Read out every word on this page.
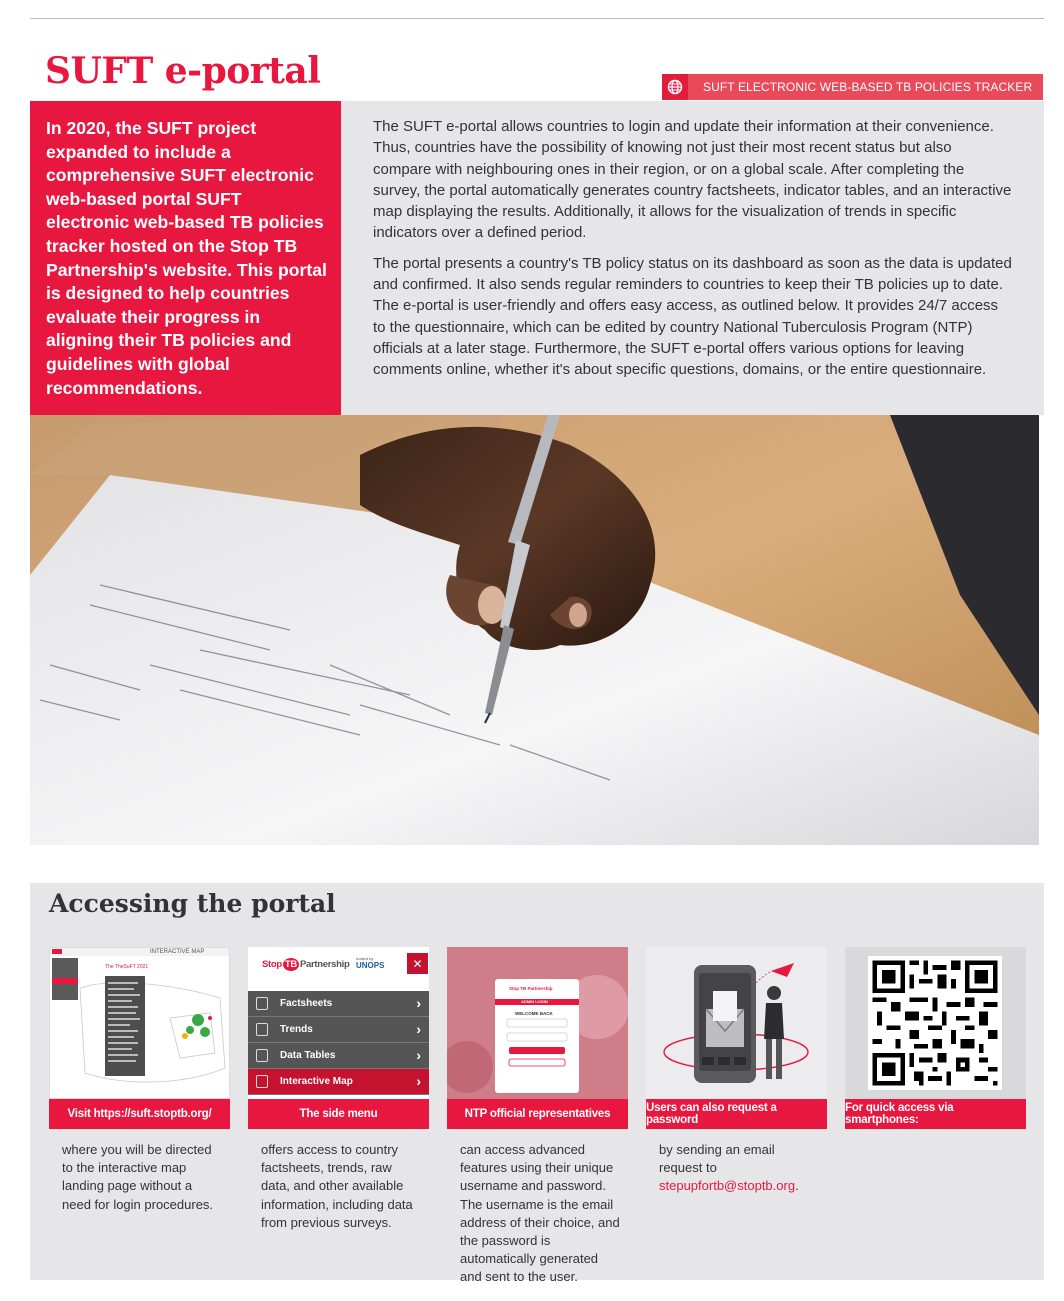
SUFT e-portal	SUFT ELECTRONIC WEB-BASED TB POLICIES TRACKER
In 2020, the SUFT project expanded to include a comprehensive SUFT electronic web-based portal SUFT electronic web-based TB policies tracker hosted on the Stop TB Partnership's website. This portal is designed to help countries evaluate their progress in aligning their TB policies and guidelines with global recommendations.

The SUFT e-portal allows countries to login and update their information at their convenience. Thus, countries have the possibility of knowing not just their most recent status but also compare with neighbouring ones in their region, or on a global scale. After completing the survey, the portal automatically generates country factsheets, indicator tables, and an interactive map displaying the results. Additionally, it allows for the visualization of trends in specific indicators over a defined period.

The portal presents a country's TB policy status on its dashboard as soon as the data is updated and confirmed. It also sends regular reminders to countries to keep their TB policies up to date. The e-portal is user-friendly and offers easy access, as outlined below. It provides 24/7 access to the questionnaire, which can be edited by country National Tuberculosis Program (NTP) officials at a later stage. Furthermore, the SUFT e-portal offers various options for leaving comments online, whether it's about specific questions, domains, or the entire questionnaire.

Accessing the portal
INTERACTIVE MAP
The TheSuFT 2021
Visit https://suft.stoptb.org/

where you will be directed to the interactive map landing page without a need for login procedures.

Stop TB Partnership
hosted by
UNOPS	✕
Factsheets	›
Trends	›
Data Tables	›
Interactive Map	›
The side menu

offers access to country factsheets, trends, raw data, and other available information, including data from previous surveys.

Stop TB Partnership
ADMIN LOGIN
WELCOME BACK
NTP official representatives

can access advanced features using their unique username and password. The username is the email address of their choice, and the password is automatically generated and sent to the user.

Users can also request a password

by sending an email request to stepupfortb@stoptb.org.

For quick access via smartphones:
